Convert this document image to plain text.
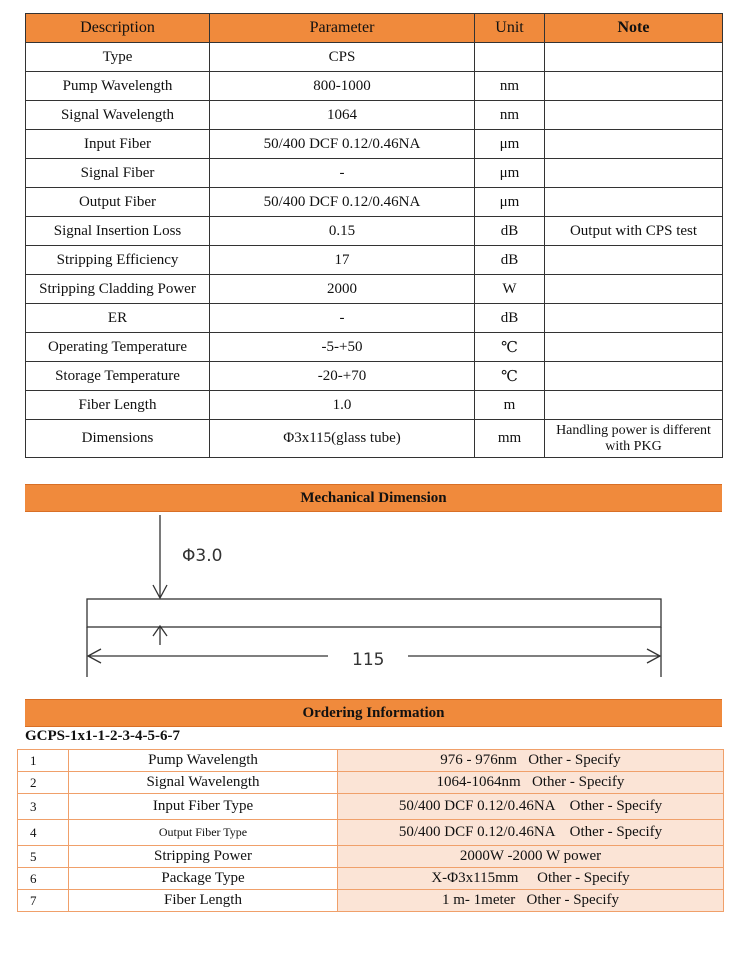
Description	Parameter	Unit	Note
Type	CPS		
Pump Wavelength	800-1000	nm	
Signal Wavelength	1064	nm	
Input Fiber	50/400 DCF 0.12/0.46NA	μm	
Signal Fiber	-	μm	
Output Fiber	50/400 DCF 0.12/0.46NA	μm	
Signal Insertion Loss	0.15	dB	Output with CPS test
Stripping Efficiency	17	dB	
Stripping Cladding Power	2000	W	
ER	-	dB	
Operating Temperature	-5-+50	℃	
Storage Temperature	-20-+70	℃	
Fiber Length	1.0	m	
Dimensions	Φ3x115(glass tube)	mm	Handling power is different with PKG
Mechanical Dimension
Φ3.0
115
Ordering Information
GCPS-1x1-1-2-3-4-5-6-7
1	Pump Wavelength	976 - 976nm   Other - Specify
2	Signal Wavelength	1064-1064nm   Other - Specify
3	Input Fiber Type	50/400 DCF 0.12/0.46NA    Other - Specify
4	Output Fiber Type	50/400 DCF 0.12/0.46NA    Other - Specify
5	Stripping Power	2000W -2000 W power
6	Package Type	X-Φ3x115mm     Other - Specify
7	Fiber Length	1 m- 1meter   Other - Specify
